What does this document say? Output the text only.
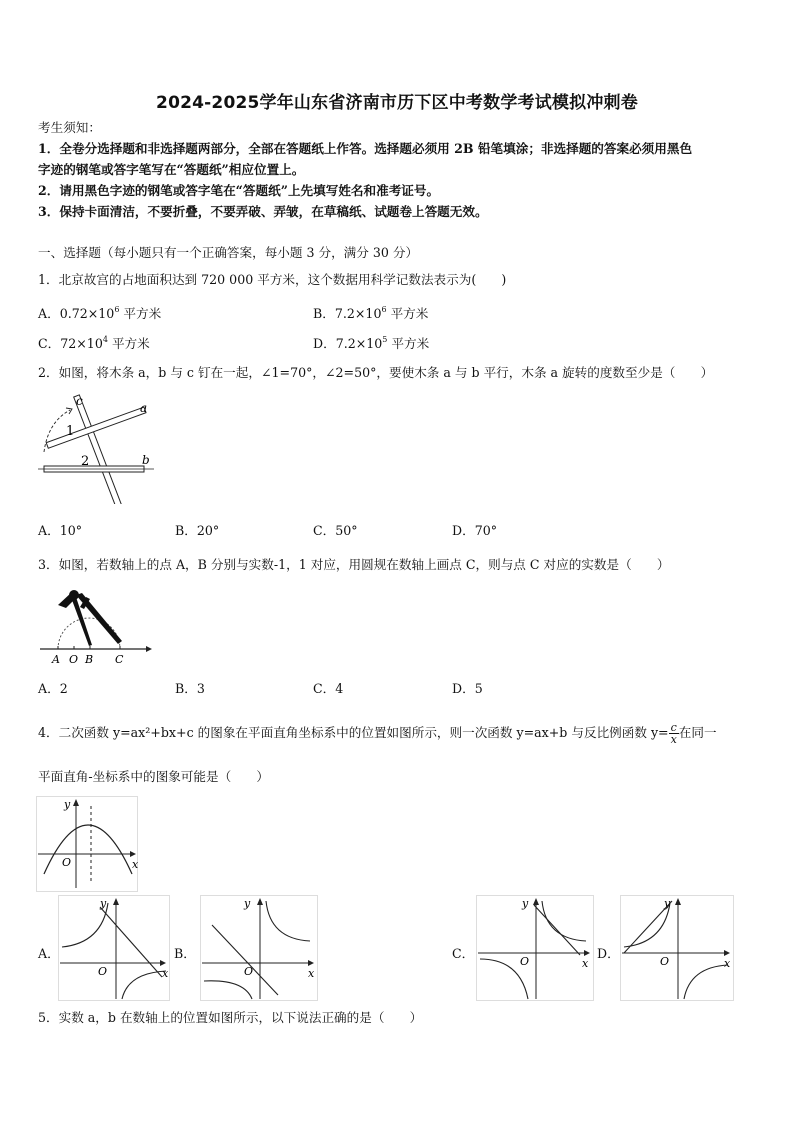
2024-2025学年山东省济南市历下区中考数学考试模拟冲刺卷
考生须知：
1．全卷分选择题和非选择题两部分，全部在答题纸上作答。选择题必须用 2B 铅笔填涂；非选择题的答案必须用黑色
字迹的钢笔或答字笔写在“答题纸”相应位置上。
2．请用黑色字迹的钢笔或答字笔在“答题纸”上先填写姓名和准考证号。
3．保持卡面清洁，不要折叠，不要弄破、弄皱，在草稿纸、试题卷上答题无效。
一、选择题（每小题只有一个正确答案，每小题 3 分，满分 30 分）
1．北京故宫的占地面积达到 720 000 平方米，这个数据用科学记数法表示为(　　)
A．$0.72\times 10^6$ 平方米	B．$7.2\times 10^6$ 平方米
C．$72\times 10^4$ 平方米	D．$7.2\times 10^5$ 平方米
2．如图，将木条 a，b 与 c 钉在一起，∠1=70°，∠2=50°，要使木条 a 与 b 平行，木条 a 旋转的度数至少是（　　）
c	a
b
1
2
A．10°	B．20°	C．50°	D．70°
3．如图，若数轴上的点 A，B 分别与实数-1，1 对应，用圆规在数轴上画点 C，则与点 C 对应的实数是（　　）
A O B C
A．2	B．3	C．4	D．5
4．二次函数 y=ax²+bx+c 的图象在平面直角坐标系中的位置如图所示，则一次函数 y=ax+b 与反比例函数 $y= \frac{c}{x}$ 在同一
平面直角-坐标系中的图象可能是（　　）
x
y
O
A．
x
y
O
B．
x
y
O
C．
x
y
O
D．
x
y
O
5．实数 a，b 在数轴上的位置如图所示，以下说法正确的是（　　）
